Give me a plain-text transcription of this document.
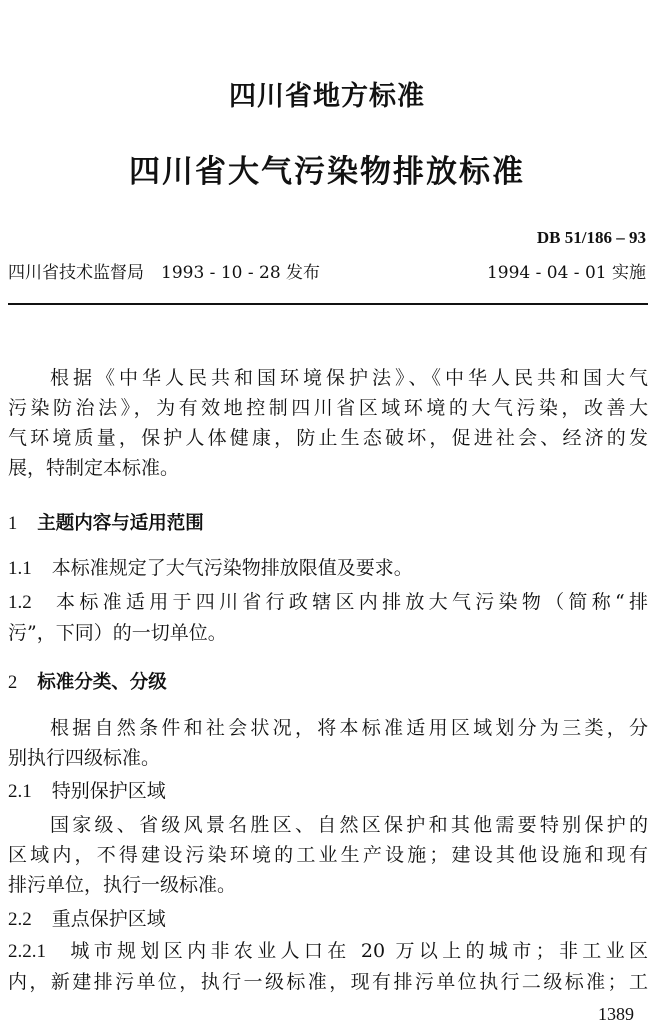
四川省地方标准
四川省大气污染物排放标准
DB 51/186 – 93
四川省技术监督局　1993 - 10 - 28 发布	1994 - 04 - 01 实施
根据《中华人民共和国环境保护法》、《中华人民共和国大气
污染防治法》，为有效地控制四川省区域环境的大气污染，改善大
气环境质量，保护人体健康，防止生态破坏，促进社会、经济的发
展，特制定本标准。
1 主题内容与适用范围
1.1 本标准规定了大气污染物排放限值及要求。
1.2 本标准适用于四川省行政辖区内排放大气污染物（简称“排
污”，下同）的一切单位。
2 标准分类、分级
根据自然条件和社会状况，将本标准适用区域划分为三类，分
别执行四级标准。
2.1 特别保护区域
国家级、省级风景名胜区、自然区保护和其他需要特别保护的
区域内，不得建设污染环境的工业生产设施；建设其他设施和现有
排污单位，执行一级标准。
2.2 重点保护区域
2.2.1 城市规划区内非农业人口在 20 万以上的城市；非工业区
内，新建排污单位，执行一级标准，现有排污单位执行二级标准；工
1389
